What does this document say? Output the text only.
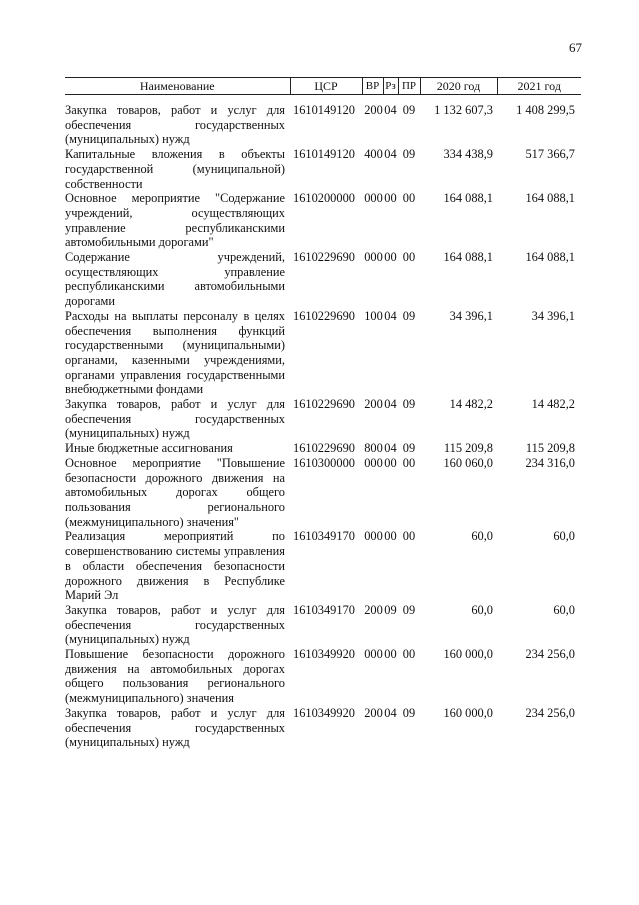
67
Наименование	ЦСР	ВР	Рз	ПР	2020 год	2021 год
Закупка товаров, работ и услуг для обеспечения государственных (муниципальных) нужд	1610149120	200	04	09	1 132 607,3	1 408 299,5
Капитальные вложения в объекты государственной (муниципальной) собственности	1610149120	400	04	09	334 438,9	517 366,7
Основное мероприятие "Содержание учреждений, осуществляющих управление республиканскими автомобильными дорогами"	1610200000	000	00	00	164 088,1	164 088,1
Содержание учреждений, осуществляющих управление республиканскими автомобильными дорогами	1610229690	000	00	00	164 088,1	164 088,1
Расходы на выплаты персоналу в целях обеспечения выполнения функций государственными (муниципальными) органами, казенными учреждениями, органами управления государственными внебюджетными фондами	1610229690	100	04	09	34 396,1	34 396,1
Закупка товаров, работ и услуг для обеспечения государственных (муниципальных) нужд	1610229690	200	04	09	14 482,2	14 482,2
Иные бюджетные ассигнования	1610229690	800	04	09	115 209,8	115 209,8
Основное мероприятие "Повышение безопасности дорожного движения на автомобильных дорогах общего пользования регионального (межмуниципального) значения"	1610300000	000	00	00	160 060,0	234 316,0
Реализация мероприятий по совершенствованию системы управления в области обеспечения безопасности дорожного движения в Республике Марий Эл	1610349170	000	00	00	60,0	60,0
Закупка товаров, работ и услуг для обеспечения государственных (муниципальных) нужд	1610349170	200	09	09	60,0	60,0
Повышение безопасности дорожного движения на автомобильных дорогах общего пользования регионального (межмуниципального) значения	1610349920	000	00	00	160 000,0	234 256,0
Закупка товаров, работ и услуг для обеспечения государственных (муниципальных) нужд	1610349920	200	04	09	160 000,0	234 256,0
